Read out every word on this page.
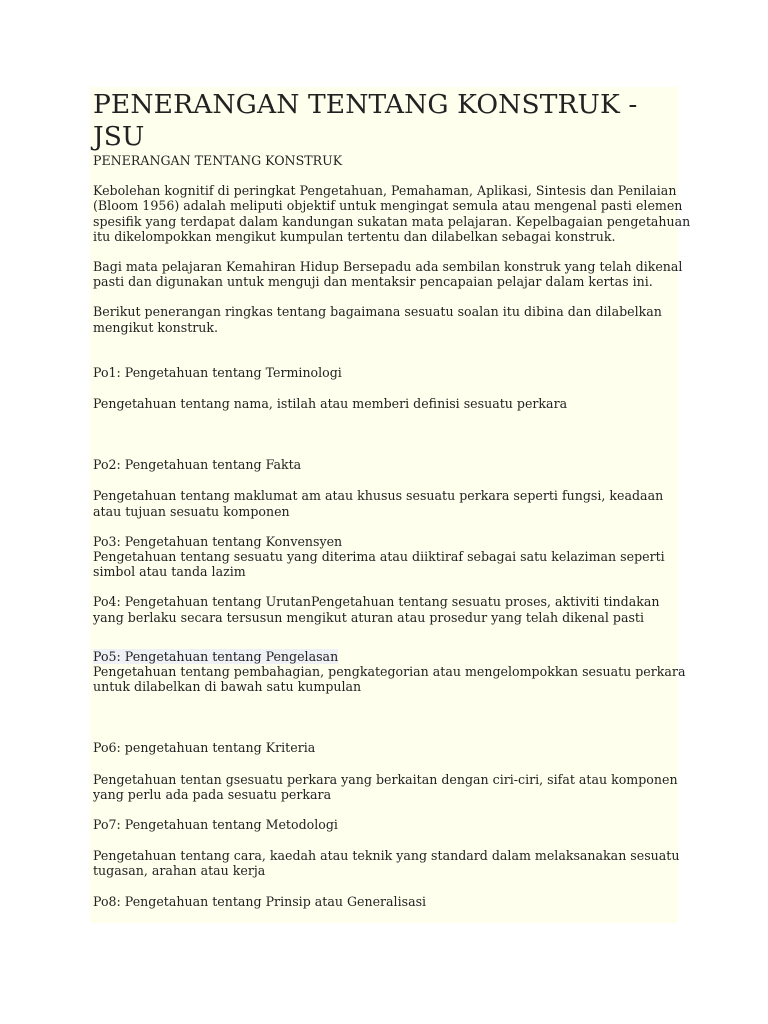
PENERANGAN TENTANG KONSTRUK -
JSU

PENERANGAN TENTANG KONSTRUK

Kebolehan kognitif di peringkat Pengetahuan, Pemahaman, Aplikasi, Sintesis dan Penilaian

(Bloom 1956) adalah meliputi objektif untuk mengingat semula atau mengenal pasti elemen

spesifik yang terdapat dalam kandungan sukatan mata pelajaran. Kepelbagaian pengetahuan

itu dikelompokkan mengikut kumpulan tertentu dan dilabelkan sebagai konstruk.

Bagi mata pelajaran Kemahiran Hidup Bersepadu ada sembilan konstruk yang telah dikenal

pasti dan digunakan untuk menguji dan mentaksir pencapaian pelajar dalam kertas ini.

Berikut penerangan ringkas tentang bagaimana sesuatu soalan itu dibina dan dilabelkan

mengikut konstruk.

Po1: Pengetahuan tentang Terminologi

Pengetahuan tentang nama, istilah atau memberi definisi sesuatu perkara

Po2: Pengetahuan tentang Fakta

Pengetahuan tentang maklumat am atau khusus sesuatu perkara seperti fungsi, keadaan

atau tujuan sesuatu komponen

Po3: Pengetahuan tentang Konvensyen

Pengetahuan tentang sesuatu yang diterima atau diiktiraf sebagai satu kelaziman seperti

simbol atau tanda lazim

Po4: Pengetahuan tentang UrutanPengetahuan tentang sesuatu proses, aktiviti tindakan

yang berlaku secara tersusun mengikut aturan atau prosedur yang telah dikenal pasti

Po5: Pengetahuan tentang Pengelasan

Pengetahuan tentang pembahagian, pengkategorian atau mengelompokkan sesuatu perkara

untuk dilabelkan di bawah satu kumpulan

Po6: pengetahuan tentang Kriteria

Pengetahuan tentan gsesuatu perkara yang berkaitan dengan ciri-ciri, sifat atau komponen

yang perlu ada pada sesuatu perkara

Po7: Pengetahuan tentang Metodologi

Pengetahuan tentang cara, kaedah atau teknik yang standard dalam melaksanakan sesuatu

tugasan, arahan atau kerja

Po8: Pengetahuan tentang Prinsip atau Generalisasi
